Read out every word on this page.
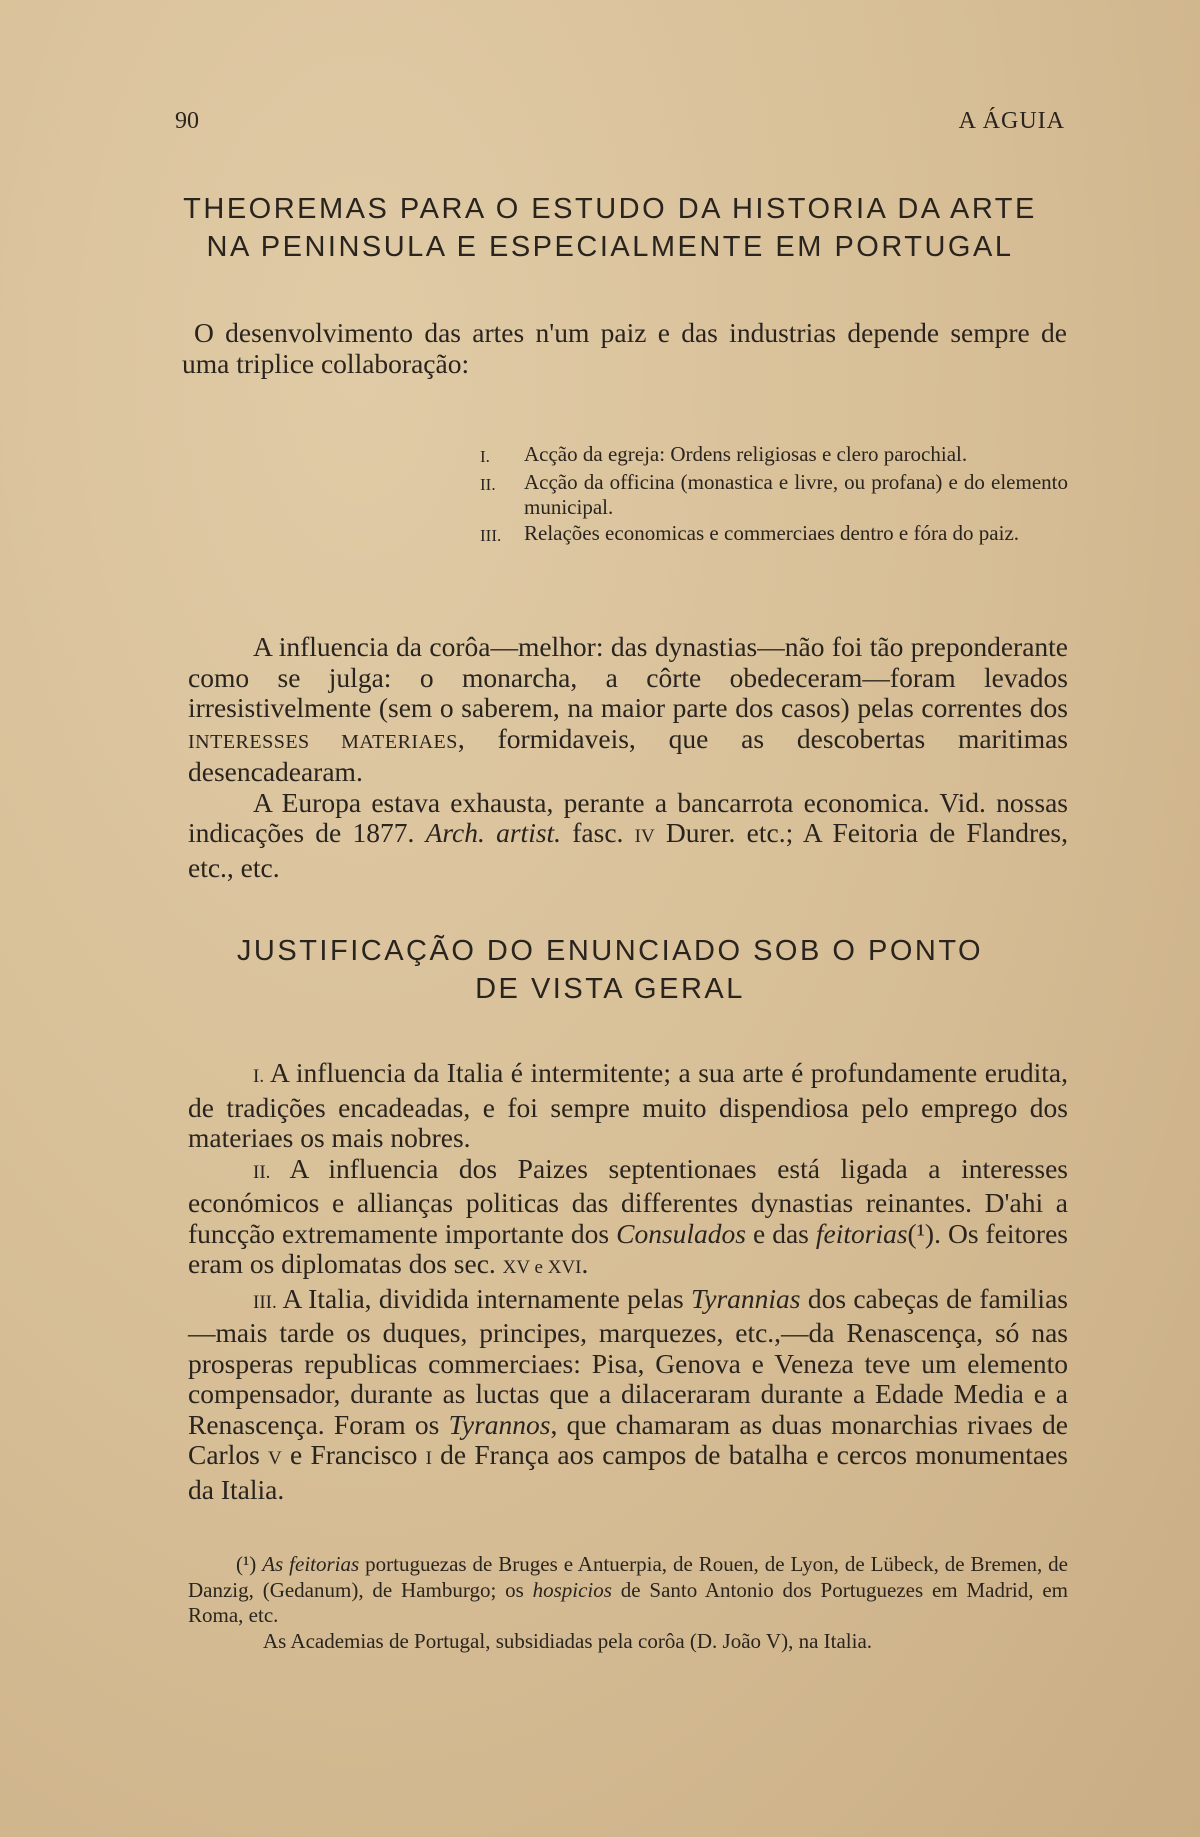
90	A ÁGUIA
THEOREMAS PARA O ESTUDO DA HISTORIA DA ARTE
NA PENINSULA E ESPECIALMENTE EM PORTUGAL
O desenvolvimento das artes n'um paiz e das industrias depende sempre de uma triplice collaboração:
I.	Acção da egreja: Ordens religiosas e clero parochial.
II.	Acção da officina (monastica e livre, ou profana) e do elemento municipal.
III.	Relações economicas e commerciaes dentro e fóra do paiz.
A influencia da corôa—melhor: das dynastias—não foi tão preponderante como se julga: o monarcha, a côrte obedeceram—foram levados irresistivelmente (sem o saberem, na maior parte dos casos) pelas correntes dos INTERESSES MATERIAES, formidaveis, que as descobertas maritimas desencadearam.
A Europa estava exhausta, perante a bancarrota economica. Vid. nossas indicações de 1877. Arch. artist. fasc. IV Durer. etc.; A Feitoria de Flandres, etc., etc.
JUSTIFICAÇÃO DO ENUNCIADO SOB O PONTO
DE VISTA GERAL
I. A influencia da Italia é intermitente; a sua arte é profundamente erudita, de tradições encadeadas, e foi sempre muito dispendiosa pelo emprego dos materiaes os mais nobres.
II. A influencia dos Paizes septentionaes está ligada a interesses económicos e allianças politicas das differentes dynastias reinantes. D'ahi a funcção extremamente importante dos Consulados e das feitorias(¹). Os feitores eram os diplomatas dos sec. XV e XVI.
III. A Italia, dividida internamente pelas Tyrannias dos cabeças de familias—mais tarde os duques, principes, marquezes, etc.,—da Renascença, só nas prosperas republicas commerciaes: Pisa, Genova e Veneza teve um elemento compensador, durante as luctas que a dilaceraram durante a Edade Media e a Renascença. Foram os Tyrannos, que chamaram as duas monarchias rivaes de Carlos V e Francisco I de França aos campos de batalha e cercos monumentaes da Italia.
(¹) As feitorias portuguezas de Bruges e Antuerpia, de Rouen, de Lyon, de Lübeck, de Bremen, de Danzig, (Gedanum), de Hamburgo; os hospicios de Santo Antonio dos Portuguezes em Madrid, em Roma, etc.
As Academias de Portugal, subsidiadas pela corôa (D. João V), na Italia.
